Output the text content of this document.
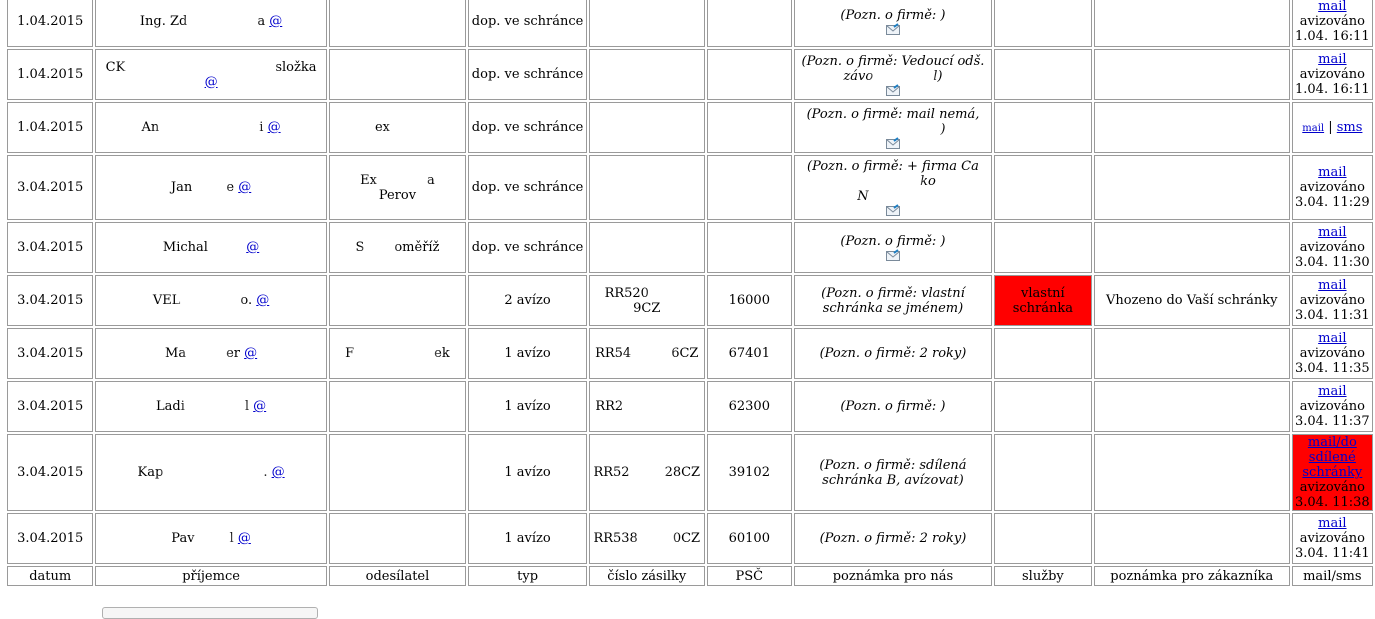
1.04.2015	Ing. Zd a @		dop. ve schránce			(Pozn. o firmě: )			mail
avizováno
1.04. 16:11
1.04.2015	CK složka
@		dop. ve schránce			(Pozn. o firmě: Vedoucí odš. závo l)			mail
avizováno
1.04. 16:11
1.04.2015	An i @	ex	dop. ve schránce			(Pozn. o firmě: mail nemá,
)			mail | sms
3.04.2015	Jan e @	Ex a
Perov	dop. ve schránce			(Pozn. o firmě: + firma Cako
N			mail
avizováno
3.04. 11:29
3.04.2015	Michal @	S oměříž	dop. ve schránce			(Pozn. o firmě: )			mail
avizováno
3.04. 11:30
3.04.2015	VEL o. @		2 avízo	RR5209CZ	16000	(Pozn. o firmě: vlastní schránka se jménem)	vlastní schránka	Vhozeno do Vaší schránky	mail
avizováno
3.04. 11:31
3.04.2015	Ma er @	F ek	1 avízo	RR54 6CZ	67401	(Pozn. o firmě: 2 roky)			mail
avizováno
3.04. 11:35
3.04.2015	Ladi l @		1 avízo	RR2	62300	(Pozn. o firmě: )			mail
avizováno
3.04. 11:37
3.04.2015	Kap . @		1 avízo	RR52 28CZ	39102	(Pozn. o firmě: sdílená schránka B, avízovat)			mail/do sdílené schránky
avizováno
3.04. 11:38
3.04.2015	Pav l @		1 avízo	RR538 0CZ	60100	(Pozn. o firmě: 2 roky)			mail
avizováno
3.04. 11:41
datum	příjemce	odesílatel	typ	číslo zásilky	PSČ	poznámka pro nás	služby	poznámka pro zákazníka	mail/sms
